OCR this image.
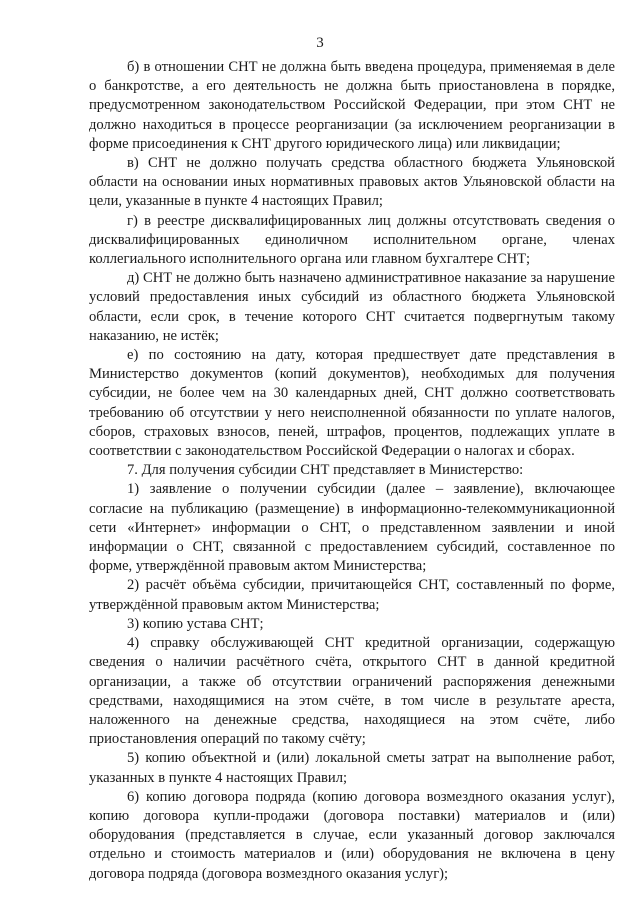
3

б) в отношении СНТ не должна быть введена процедура, применяемая в деле о банкротстве, а его деятельность не должна быть приостановлена в порядке, предусмотренном законодательством Российской Федерации, при этом СНТ не должно находиться в процессе реорганизации (за исключением реорганизации в форме присоединения к СНТ другого юридического лица) или ликвидации;

в) СНТ не должно получать средства областного бюджета Ульяновской области на основании иных нормативных правовых актов Ульяновской области на цели, указанные в пункте 4 настоящих Правил;

г) в реестре дисквалифицированных лиц должны отсутствовать сведения о дисквалифицированных единоличном исполнительном органе, членах коллегиального исполнительного органа или главном бухгалтере СНТ;

д) СНТ не должно быть назначено административное наказание за нарушение условий предоставления иных субсидий из областного бюджета Ульяновской области, если срок, в течение которого СНТ считается подвергнутым такому наказанию, не истёк;

е) по состоянию на дату, которая предшествует дате представления в Министерство документов (копий документов), необходимых для получения субсидии, не более чем на 30 календарных дней, СНТ должно соответствовать требованию об отсутствии у него неисполненной обязанности по уплате налогов, сборов, страховых взносов, пеней, штрафов, процентов, подлежащих уплате в соответствии с законодательством Российской Федерации о налогах и сборах.

7. Для получения субсидии СНТ представляет в Министерство:

1) заявление о получении субсидии (далее – заявление), включающее согласие на публикацию (размещение) в информационно-телекоммуникационной сети «Интернет» информации о СНТ, о представленном заявлении и иной информации о СНТ, связанной с предоставлением субсидий, составленное по форме, утверждённой правовым актом Министерства;

2) расчёт объёма субсидии, причитающейся СНТ, составленный по форме, утверждённой правовым актом Министерства;

3) копию устава СНТ;

4) справку обслуживающей СНТ кредитной организации, содержащую сведения о наличии расчётного счёта, открытого СНТ в данной кредитной организации, а также об отсутствии ограничений распоряжения денежными средствами, находящимися на этом счёте, в том числе в результате ареста, наложенного на денежные средства, находящиеся на этом счёте, либо приостановления операций по такому счёту;

5) копию объектной и (или) локальной сметы затрат на выполнение работ, указанных в пункте 4 настоящих Правил;

6) копию договора подряда (копию договора возмездного оказания услуг), копию договора купли-продажи (договора поставки) материалов и (или) оборудования (представляется в случае, если указанный договор заключался отдельно и стоимость материалов и (или) оборудования не включена в цену договора подряда (договора возмездного оказания услуг);
